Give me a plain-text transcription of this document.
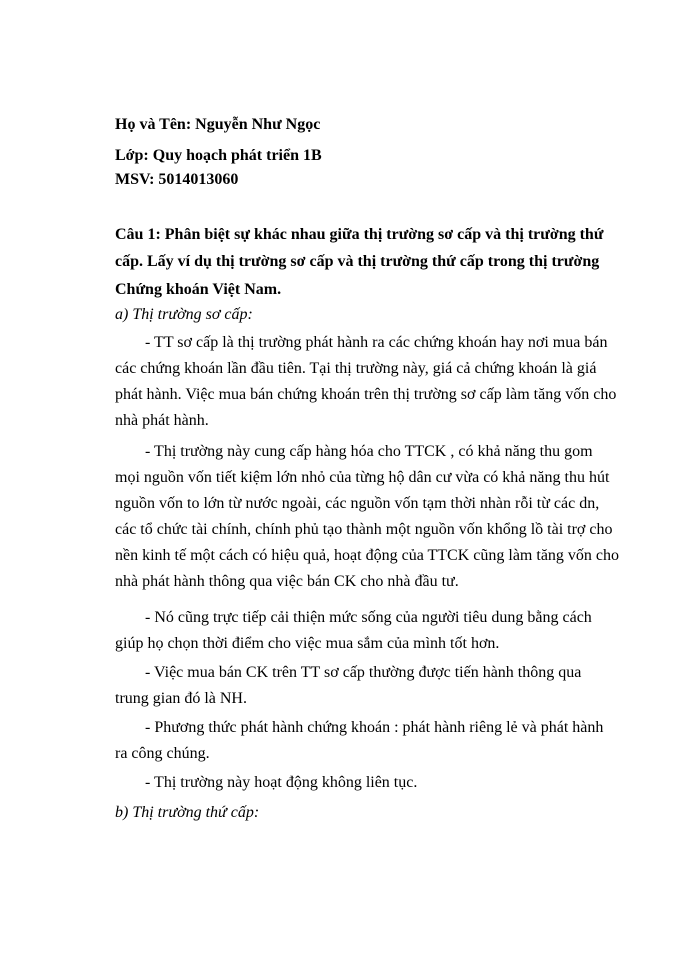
Họ và Tên: Nguyễn Như Ngọc
Lớp: Quy hoạch phát triển 1B
MSV: 5014013060
Câu 1: Phân biệt sự khác nhau giữa thị trường sơ cấp và thị trường thứ
cấp. Lấy ví dụ thị trường sơ cấp và thị trường thứ cấp trong thị trường
Chứng khoán Việt Nam.
a) Thị trường sơ cấp:
- TT sơ cấp là thị trường phát hành ra các chứng khoán hay nơi mua bán
các chứng khoán lần đầu tiên. Tại thị trường này, giá cả chứng khoán là giá
phát hành. Việc mua bán chứng khoán trên thị trường sơ cấp làm tăng vốn cho
nhà phát hành.
- Thị trường này cung cấp hàng hóa cho TTCK , có khả năng thu gom
mọi nguồn vốn tiết kiệm lớn nhỏ của từng hộ dân cư vừa có khả năng thu hút
nguồn vốn to lớn từ nước ngoài, các nguồn vốn tạm thời nhàn rỗi từ các dn,
các tổ chức tài chính, chính phủ tạo thành một nguồn vốn khổng lồ tài trợ cho
nền kinh tế một cách có hiệu quả, hoạt động của TTCK cũng làm tăng vốn cho
nhà phát hành thông qua việc bán CK cho nhà đầu tư.
- Nó cũng trực tiếp cải thiện mức sống của người tiêu dung bằng cách
giúp họ chọn thời điểm cho việc mua sắm của mình tốt hơn.
- Việc mua bán CK trên TT sơ cấp thường được tiến hành thông qua
trung gian đó là NH.
- Phương thức phát hành chứng khoán : phát hành riêng lẻ và phát hành
ra công chúng.
- Thị trường này hoạt động không liên tục.
b) Thị trường thứ cấp:
